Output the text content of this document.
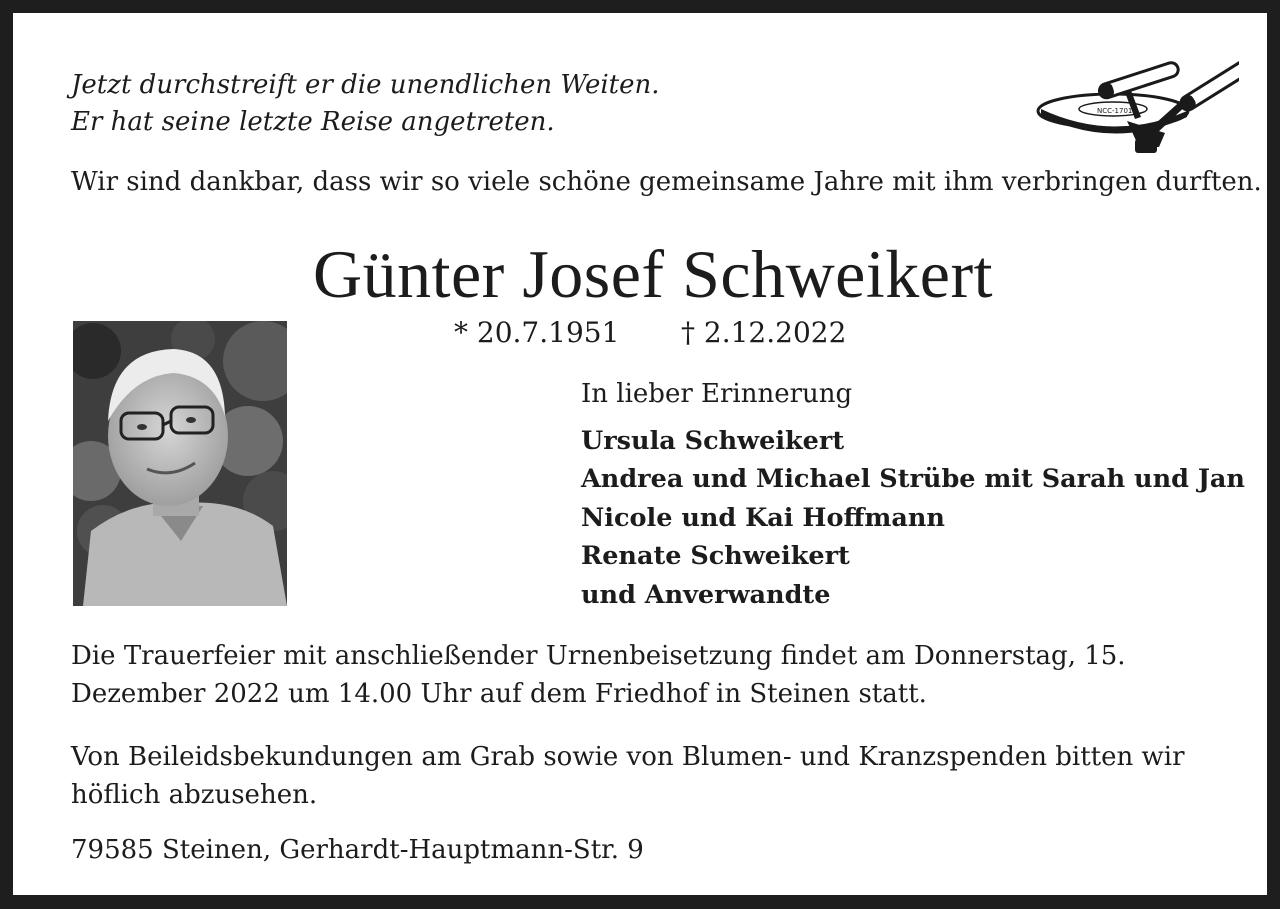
Jetzt durchstreift er die unendlichen Weiten.
Er hat seine letzte Reise angetreten.	NCC-1701
Wir sind dankbar, dass wir so viele schöne gemeinsame Jahre mit ihm verbringen durften.
Günter Josef Schweikert
* 20.7.1951 † 2.12.2022
In lieber Erinnerung
Ursula Schweikert
Andrea und Michael Strübe mit Sarah und Jan
Nicole und Kai Hoffmann
Renate Schweikert
und Anverwandte
Die Trauerfeier mit anschließender Urnenbeisetzung findet am Donnerstag, 15. Dezember 2022 um 14.00 Uhr auf dem Friedhof in Steinen statt.
Von Beileidsbekundungen am Grab sowie von Blumen- und Kranzspenden bitten wir höflich abzusehen.
79585 Steinen, Gerhardt-Hauptmann-Str. 9
